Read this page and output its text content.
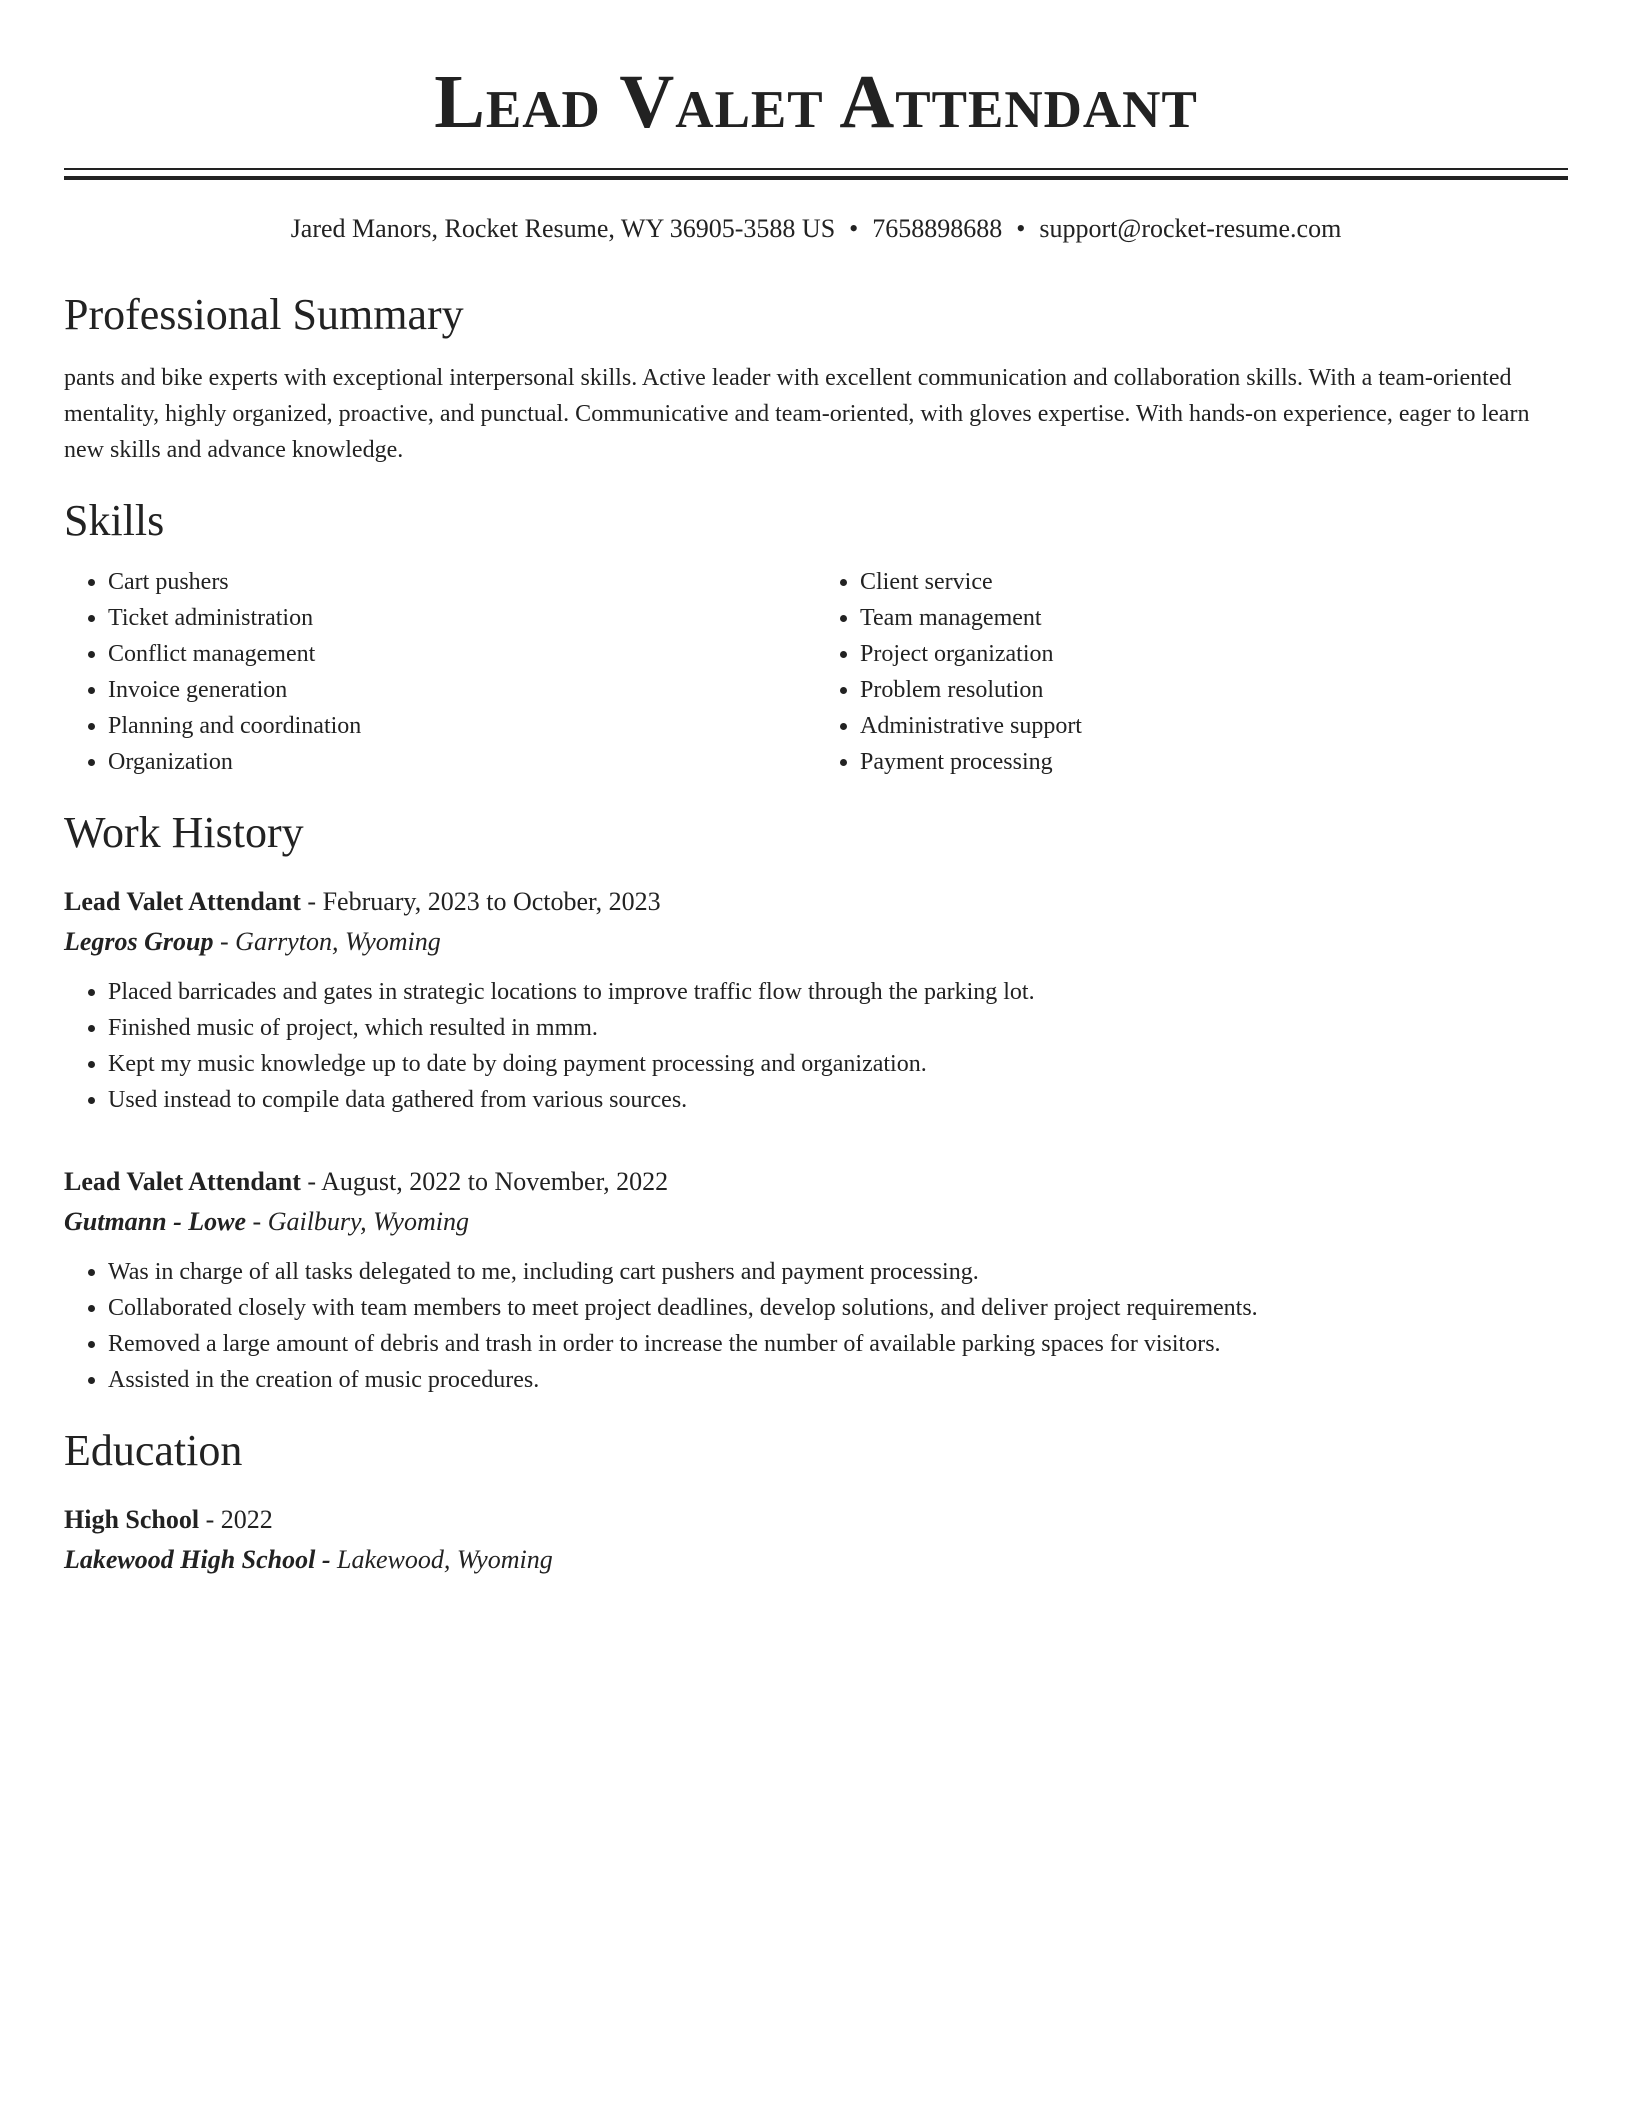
Lead Valet Attendant
Jared Manors, Rocket Resume, WY 36905-3588 US • 7658898688 • support@rocket-resume.com
Professional Summary

pants and bike experts with exceptional interpersonal skills. Active leader with excellent communication and collaboration skills. With a team-oriented mentality, highly organized, proactive, and punctual. Communicative and team-oriented, with gloves expertise. With hands-on experience, eager to learn new skills and advance knowledge.

Skills
• Cart pushers
• Ticket administration
• Conflict management
• Invoice generation
• Planning and coordination
• Organization
• Client service
• Team management
• Project organization
• Problem resolution
• Administrative support
• Payment processing
Work History
Lead Valet Attendant - February, 2023 to October, 2023
Legros Group - Garryton, Wyoming
• Placed barricades and gates in strategic locations to improve traffic flow through the parking lot.
• Finished music of project, which resulted in mmm.
• Kept my music knowledge up to date by doing payment processing and organization.
• Used instead to compile data gathered from various sources.
Lead Valet Attendant - August, 2022 to November, 2022
Gutmann - Lowe - Gailbury, Wyoming
• Was in charge of all tasks delegated to me, including cart pushers and payment processing.
• Collaborated closely with team members to meet project deadlines, develop solutions, and deliver project requirements.
• Removed a large amount of debris and trash in order to increase the number of available parking spaces for visitors.
• Assisted in the creation of music procedures.
Education
High School - 2022
Lakewood High School - Lakewood, Wyoming
